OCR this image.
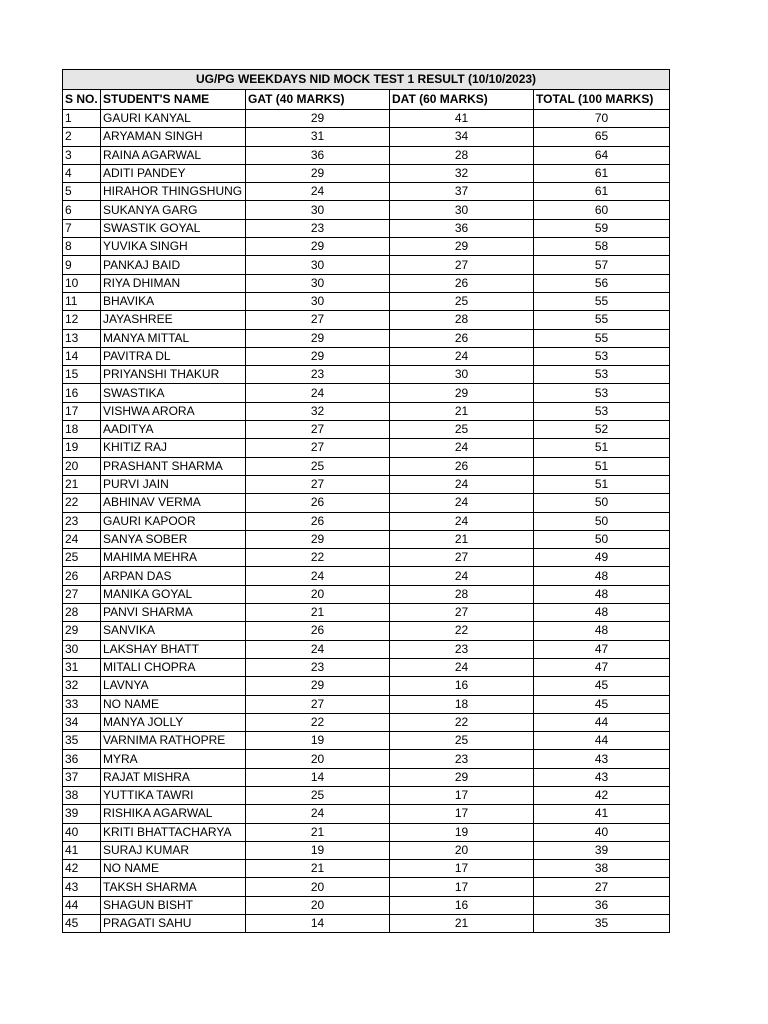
UG/PG WEEKDAYS NID MOCK TEST 1 RESULT (10/10/2023)				
S NO.	STUDENT'S NAME	GAT (40 MARKS)	DAT (60 MARKS)	TOTAL (100 MARKS)
1	GAURI KANYAL	29	41	70
2	ARYAMAN SINGH	31	34	65
3	RAINA AGARWAL	36	28	64
4	ADITI PANDEY	29	32	61
5	HIRAHOR THINGSHUNG	24	37	61
6	SUKANYA GARG	30	30	60
7	SWASTIK GOYAL	23	36	59
8	YUVIKA SINGH	29	29	58
9	PANKAJ BAID	30	27	57
10	RIYA DHIMAN	30	26	56
11	BHAVIKA	30	25	55
12	JAYASHREE	27	28	55
13	MANYA MITTAL	29	26	55
14	PAVITRA DL	29	24	53
15	PRIYANSHI THAKUR	23	30	53
16	SWASTIKA	24	29	53
17	VISHWA ARORA	32	21	53
18	AADITYA	27	25	52
19	KHITIZ RAJ	27	24	51
20	PRASHANT SHARMA	25	26	51
21	PURVI JAIN	27	24	51
22	ABHINAV VERMA	26	24	50
23	GAURI KAPOOR	26	24	50
24	SANYA SOBER	29	21	50
25	MAHIMA MEHRA	22	27	49
26	ARPAN DAS	24	24	48
27	MANIKA GOYAL	20	28	48
28	PANVI SHARMA	21	27	48
29	SANVIKA	26	22	48
30	LAKSHAY BHATT	24	23	47
31	MITALI CHOPRA	23	24	47
32	LAVNYA	29	16	45
33	NO NAME	27	18	45
34	MANYA JOLLY	22	22	44
35	VARNIMA RATHOPRE	19	25	44
36	MYRA	20	23	43
37	RAJAT MISHRA	14	29	43
38	YUTTIKA TAWRI	25	17	42
39	RISHIKA AGARWAL	24	17	41
40	KRITI BHATTACHARYA	21	19	40
41	SURAJ KUMAR	19	20	39
42	NO NAME	21	17	38
43	TAKSH SHARMA	20	17	27
44	SHAGUN BISHT	20	16	36
45	PRAGATI SAHU	14	21	35
